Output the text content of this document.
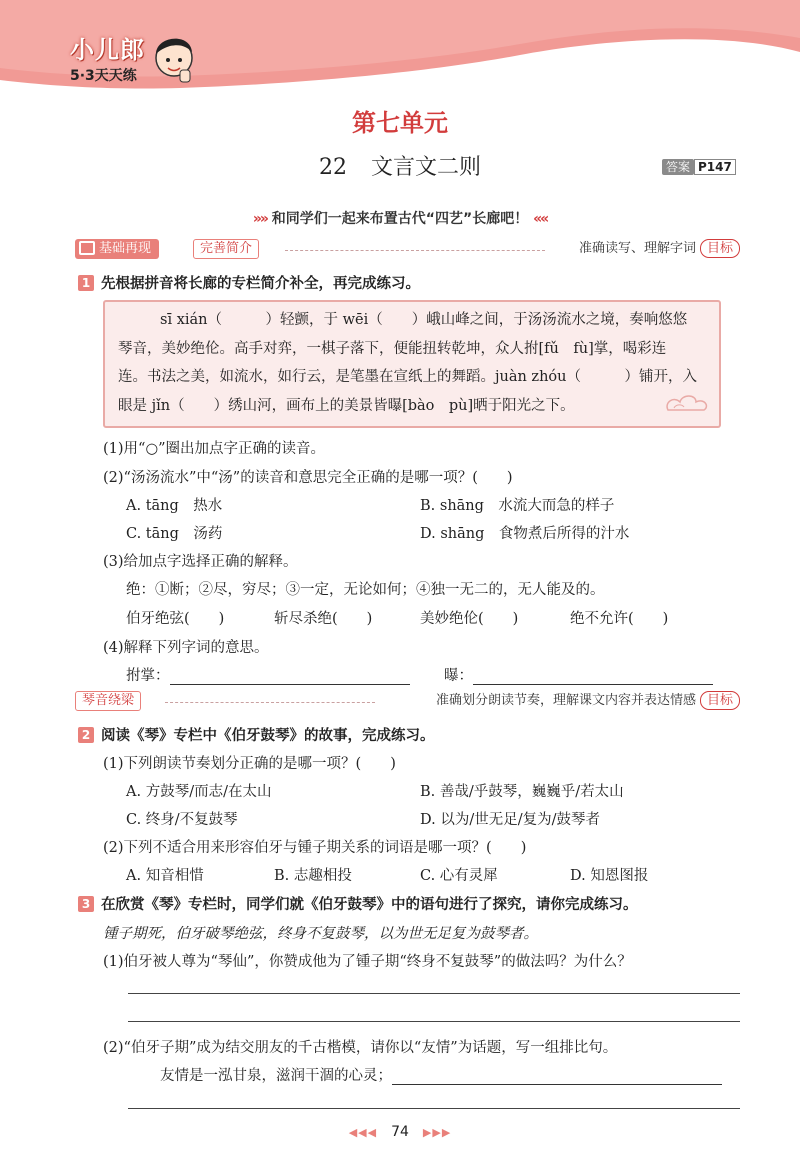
小儿郎
5·3天天练
第七单元
22 文言文二则	答案 P147
»» 和同学们一起来布置古代“四艺”长廊吧！ ««
基础再现	完善简介	准确读写、理解字词 目标
1 先根据拼音将长廊的专栏简介补全，再完成练习。
sī xián（　　　）轻颤，于 wēi（　　）峨山峰之间，于汤汤流水之境，奏响悠悠
琴音，美妙绝伦。高手对弈，一棋子落下，便能扭转乾坤，众人拊[fǔ　fù]掌，喝彩连
连。书法之美，如流水，如行云，是笔墨在宣纸上的舞蹈。juàn zhóu（　　　）铺开，入
眼是 jǐn（　　）绣山河，画布上的美景皆曝[bào　pù]晒于阳光之下。
(1)用“○”圈出加点字正确的读音。
(2)“汤汤流水”中“汤”的读音和意思完全正确的是哪一项？(　　)
A. tāng　热水	B. shāng　水流大而急的样子
C. tāng　汤药	D. shāng　食物煮后所得的汁水
(3)给加点字选择正确的解释。
绝：①断；②尽，穷尽；③一定，无论如何；④独一无二的，无人能及的。
伯牙绝弦(　　)	斩尽杀绝(　　)	美妙绝伦(　　)	绝不允许(　　)
(4)解释下列字词的意思。
拊掌：	曝：
琴音绕梁	准确划分朗读节奏，理解课文内容并表达情感 目标
2 阅读《琴》专栏中《伯牙鼓琴》的故事，完成练习。
(1)下列朗读节奏划分正确的是哪一项？(　　)
A. 方鼓琴/而志/在太山	B. 善哉/乎鼓琴，巍巍乎/若太山
C. 终身/不复鼓琴	D. 以为/世无足/复为/鼓琴者
(2)下列不适合用来形容伯牙与锺子期关系的词语是哪一项？(　　)
A. 知音相惜	B. 志趣相投	C. 心有灵犀	D. 知恩图报
3 在欣赏《琴》专栏时，同学们就《伯牙鼓琴》中的语句进行了探究，请你完成练习。
锺子期死，伯牙破琴绝弦，终身不复鼓琴，以为世无足复为鼓琴者。
(1)伯牙被人尊为“琴仙”，你赞成他为了锺子期“终身不复鼓琴”的做法吗？为什么？
(2)“伯牙子期”成为结交朋友的千古楷模，请你以“友情”为话题，写一组排比句。
友情是一泓甘泉，滋润干涸的心灵；
◀◀◀ 74 ▶▶▶
